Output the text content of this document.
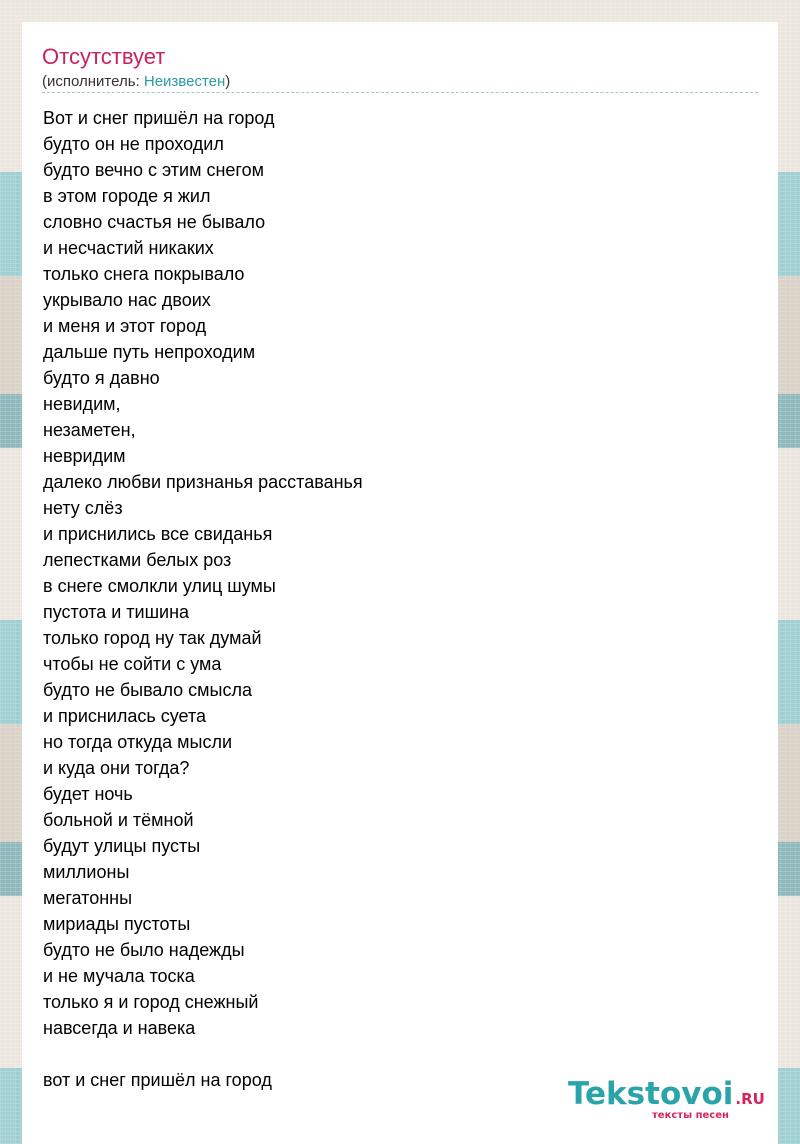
Отсутствует
(исполнитель: Неизвестен)
Вот и снег пришёл на город
будто он не проходил
будто вечно с этим снегом
в этом городе я жил
словно счастья не бывало
и несчастий никаких
только снега покрывало
укрывало нас двоих
и меня и этот город
дальше путь непроходим
будто я давно
невидим,
незаметен,
невридим
далеко любви признанья расставанья
нету слёз
и приснились все свиданья
лепестками белых роз
в снеге смолкли улиц шумы
пустота и тишина
только город ну так думай
чтобы не сойти с ума
будто не бывало смысла
и приснилась суета
но тогда откуда мысли
и куда они тогда?
будет ночь
больной и тёмной
будут улицы пусты
миллионы
мегатонны
мириады пустоты
будто не было надежды
и не мучала тоска
только я и город снежный
навсегда и навека
вот и снег пришёл на город	Tekstovoi .RU
тексты песен
